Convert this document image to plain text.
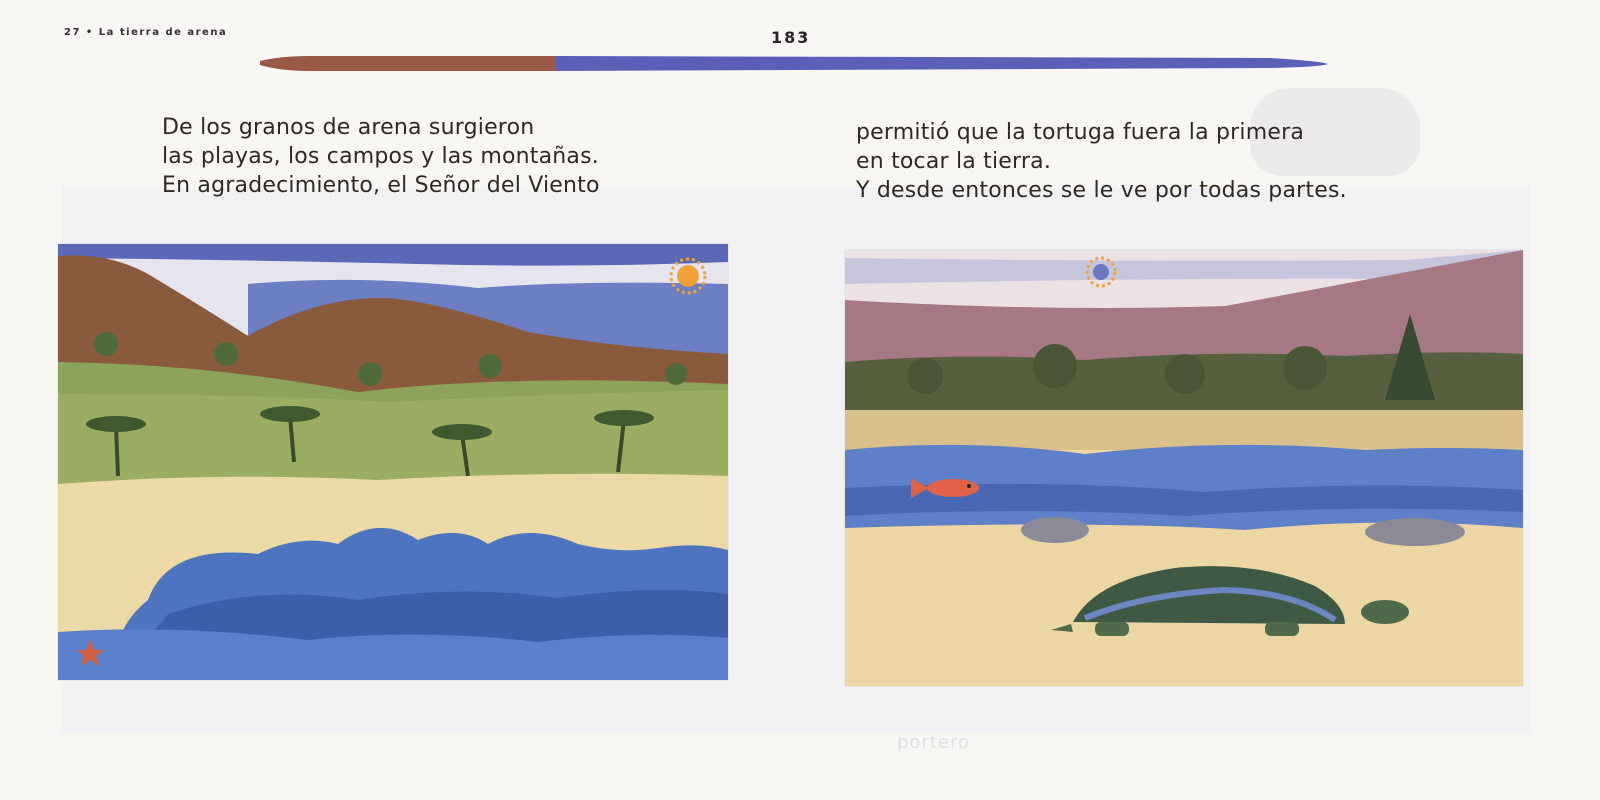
27 • La tierra de arena	183

De los granos de arena surgieron
las playas, los campos y las montañas.
En agradecimiento, el Señor del Viento

permitió que la tortuga fuera la primera
en tocar la tierra.
Y desde entonces se le ve por todas partes.

portero
